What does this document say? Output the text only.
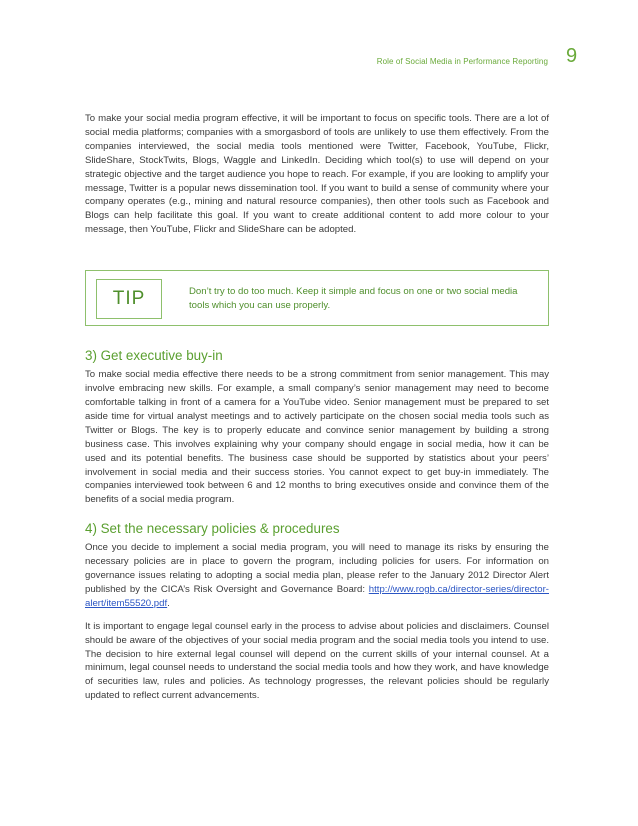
Role of Social Media in Performance Reporting 9

To make your social media program effective, it will be important to focus on specific tools. There are a lot of social media platforms; companies with a smorgasbord of tools are unlikely to use them effectively. From the companies interviewed, the social media tools mentioned were Twitter, Facebook, YouTube, Flickr, SlideShare, StockTwits, Blogs, Waggle and LinkedIn. Deciding which tool(s) to use will depend on your strategic objective and the target audience you hope to reach. For example, if you are looking to amplify your message, Twitter is a popular news dissemination tool. If you want to build a sense of community where your company operates (e.g., mining and natural resource companies), then other tools such as Facebook and Blogs can help facilitate this goal. If you want to create additional content to add more colour to your message, then YouTube, Flickr and SlideShare can be adopted.

TIP	Don’t try to do too much. Keep it simple and focus on one or two social media tools which you can use properly.
3) Get executive buy-in

To make social media effective there needs to be a strong commitment from senior management. This may involve embracing new skills. For example, a small company’s senior management may need to become comfortable talking in front of a camera for a YouTube video. Senior management must be prepared to set aside time for virtual analyst meetings and to actively participate on the chosen social media tools such as Twitter or Blogs. The key is to properly educate and convince senior management by building a strong business case. This involves explaining why your company should engage in social media, how it can be used and its potential benefits. The business case should be supported by statistics about your peers’ involvement in social media and their success stories. You cannot expect to get buy-in immediately. The companies interviewed took between 6 and 12 months to bring executives onside and convince them of the benefits of a social media program.

4) Set the necessary policies & procedures

Once you decide to implement a social media program, you will need to manage its risks by ensuring the necessary policies are in place to govern the program, including policies for users. For information on governance issues relating to adopting a social media plan, please refer to the January 2012 Director Alert published by the CICA’s Risk Oversight and Governance Board: http://www.rogb.ca/director-series/director-alert/item55520.pdf.

It is important to engage legal counsel early in the process to advise about policies and disclaimers. Counsel should be aware of the objectives of your social media program and the social media tools you intend to use. The decision to hire external legal counsel will depend on the current skills of your internal counsel. At a minimum, legal counsel needs to understand the social media tools and how they work, and have knowledge of securities law, rules and policies. As technology progresses, the relevant policies should be regularly updated to reflect current advancements.
